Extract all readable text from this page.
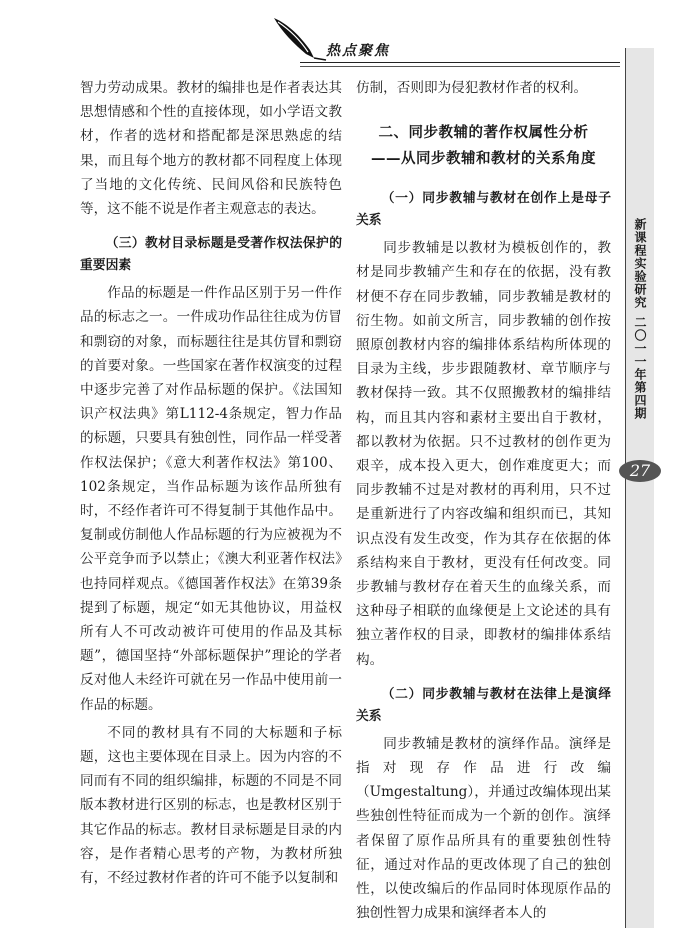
热点聚焦

智力劳动成果。教材的编排也是作者表达其思想情感和个性的直接体现，如小学语文教材，作者的选材和搭配都是深思熟虑的结果，而且每个地方的教材都不同程度上体现了当地的文化传统、民间风俗和民族特色等，这不能不说是作者主观意志的表达。

（三）教材目录标题是受著作权法保护的重要因素

作品的标题是一件作品区别于另一件作品的标志之一。一件成功作品往往成为仿冒和剽窃的对象，而标题往往是其仿冒和剽窃的首要对象。一些国家在著作权演变的过程中逐步完善了对作品标题的保护。《法国知识产权法典》第L112-4条规定，智力作品的标题，只要具有独创性，同作品一样受著作权法保护；《意大利著作权法》第100、102条规定，当作品标题为该作品所独有时，不经作者许可不得复制于其他作品中。复制或仿制他人作品标题的行为应被视为不公平竞争而予以禁止；《澳大利亚著作权法》也持同样观点。《德国著作权法》在第39条提到了标题，规定“如无其他协议，用益权所有人不可改动被许可使用的作品及其标题”，德国坚持“外部标题保护”理论的学者反对他人未经许可就在另一作品中使用前一作品的标题。

不同的教材具有不同的大标题和子标题，这也主要体现在目录上。因为内容的不同而有不同的组织编排，标题的不同是不同版本教材进行区别的标志，也是教材区别于其它作品的标志。教材目录标题是目录的内容，是作者精心思考的产物，为教材所独有，不经过教材作者的许可不能予以复制和

仿制，否则即为侵犯教材作者的权利。

二、同步教辅的著作权属性分析

——从同步教辅和教材的关系角度

（一）同步教辅与教材在创作上是母子关系

同步教辅是以教材为模板创作的，教材是同步教辅产生和存在的依据，没有教材便不存在同步教辅，同步教辅是教材的衍生物。如前文所言，同步教辅的创作按照原创教材内容的编排体系结构所体现的目录为主线，步步跟随教材、章节顺序与教材保持一致。其不仅照搬教材的编排结构，而且其内容和素材主要出自于教材，都以教材为依据。只不过教材的创作更为艰辛，成本投入更大，创作难度更大；而同步教辅不过是对教材的再利用，只不过是重新进行了内容改编和组织而已，其知识点没有发生改变，作为其存在依据的体系结构来自于教材，更没有任何改变。同步教辅与教材存在着天生的血缘关系，而这种母子相联的血缘便是上文论述的具有独立著作权的目录，即教材的编排体系结构。

（二）同步教辅与教材在法律上是演绎关系

同步教辅是教材的演绎作品。演绎是指对现存作品进行改编（Umgestaltung），并通过改编体现出某些独创性特征而成为一个新的创作。演绎者保留了原作品所具有的重要独创性特征，通过对作品的更改体现了自己的独创性，以使改编后的作品同时体现原作品的独创性智力成果和演绎者本人的

新课程实验研究
二〇一一年第四期
27
